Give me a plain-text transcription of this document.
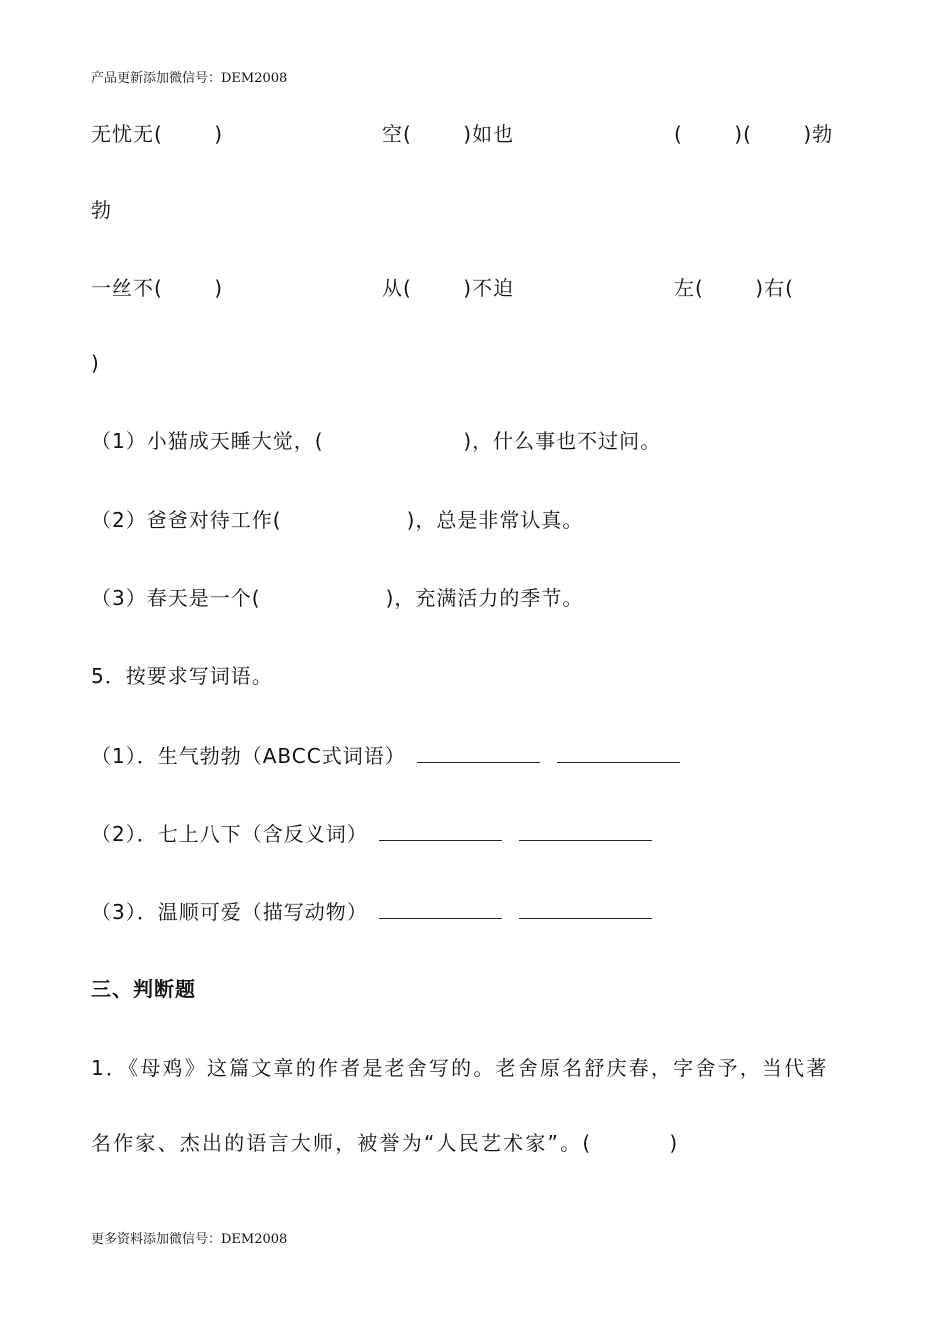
产品更新添加微信号：DEM2008
无忧无(       )	空(       )如也	(       )(       )勃
勃
一丝不(       )	从(       )不迫	左(       )右(
)
（1）小猫成天睡大觉，(                   )，什么事也不过问。
（2）爸爸对待工作(                 )，总是非常认真。
（3）春天是一个(                 )，充满活力的季节。
5．按要求写词语。
（1）．生气勃勃（ABCC式词语）
（2）．七上八下（含反义词）
（3）．温顺可爱（描写动物）
三、判断题
1．《母鸡》这篇文章的作者是老舍写的。老舍原名舒庆春，字舍予，当代著
名作家、杰出的语言大师，被誉为“人民艺术家”。(         )
更多资料添加微信号：DEM2008
